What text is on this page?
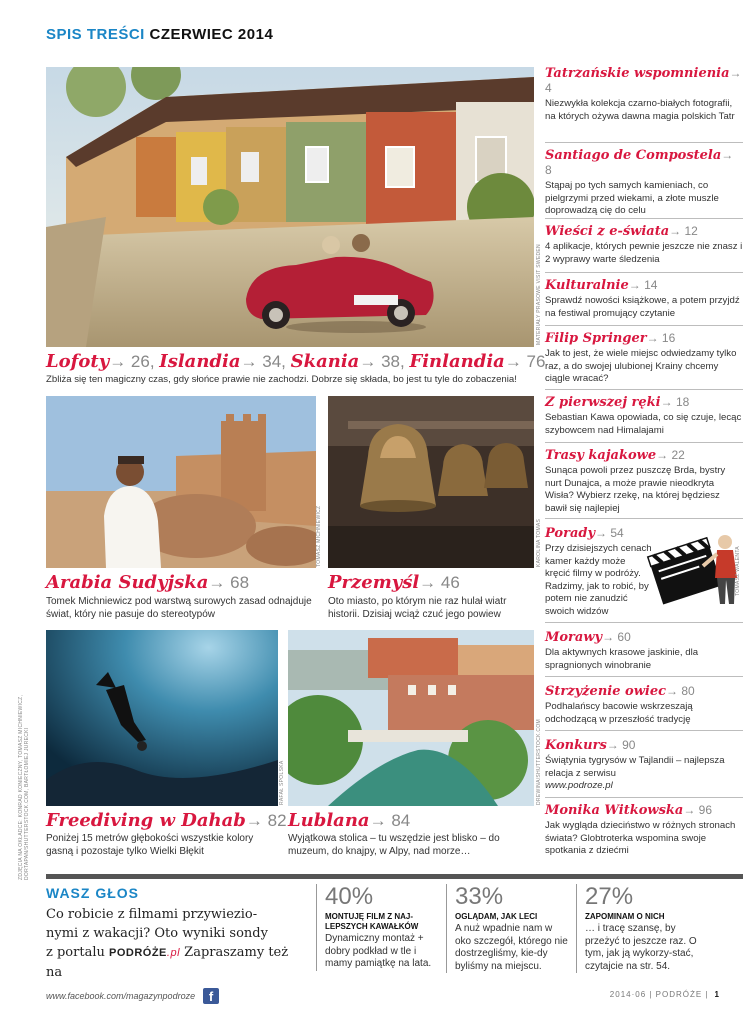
SPIS TREŚCI CZERWIEC 2014
MATERIAŁY PRASOWE VISIT SWEDEN
Lofoty→ 26, Islandia→ 34, Skania→ 38, Finlandia→ 76
Zbliża się ten magiczny czas, gdy słońce prawie nie zachodzi. Dobrze się składa, bo jest tu tyle do zobaczenia!
TOMASZ MICHNIEWICZ
Arabia Sudyjska→ 68
Tomek Michniewicz pod warstwą surowych zasad odnajduje świat, który nie pasuje do stereotypów
KAROLINA TOMAS
Przemyśl→ 46
Oto miasto, po którym nie raz hulał wiatr historii. Dzisiaj wciąż czuć jego powiew
ZDJĘCIA NA OKŁADCE: KONRAD KONIECZNY, TOMASZ MICHNIEWICZ, DORTAPAN/SHUTTERSTOCK.COM, BARTŁOMIEJ JURECKI	RAFAŁ SPOLSKA
Freediving w Dahab→ 82
Poniżej 15 metrów głębokości wszystkie kolory gasną i pozostaje tylko Wielki Błękit
DREWINA/SHUTTERSTOCK.COM
Lublana→ 84
Wyjątkowa stolica – tu wszędzie jest blisko – do muzeum, do knajpy, w Alpy, nad morze…
Tatrzańskie wspomnienia→ 4
Niezwykła kolekcja czarno-białych fotografii, na których ożywa dawna magia polskich Tatr
Santiago de Compostela→ 8
Stąpaj po tych samych kamieniach, co pielgrzymi przed wiekami, a złote muszle doprowadzą cię do celu
Wieści z e-świata→ 12
4 aplikacje, których pewnie jeszcze nie znasz i 2 wyprawy warte śledzenia
Kulturalnie→ 14
Sprawdź nowości książkowe, a potem przyjdź na festiwal promujący czytanie
Filip Springer→ 16
Jak to jest, że wiele miejsc odwiedzamy tylko raz, a do swojej ulubionej Krainy chcemy ciągle wracać?
Z pierwszej ręki→ 18
Sebastian Kawa opowiada, co się czuje, lecąc szybowcem nad Himalajami
Trasy kajakowe→ 22
Sunąca powoli przez puszczę Brda, bystry nurt Dunajca, a może prawie nieodkryta Wisła? Wybierz rzekę, na której będziesz bawił się najlepiej
Porady→ 54
Przy dzisiejszych cenach kamer każdy może kręcić filmy w podróży. Radzimy, jak to robić, by potem nie zanudzić swoich widzów
TOMASZ WALENTA
Morawy→ 60
Dla aktywnych krasowe jaskinie, dla spragnionych winobranie
Strzyżenie owiec→ 80
Podhalańscy bacowie wskrzeszają odchodzącą w przeszłość tradycję
Konkurs→ 90
Świątynia tygrysów w Tajlandii – najlepsza relacja z serwisu
www.podroze.pl
Monika Witkowska→ 96
Jak wygląda dzieciństwo w różnych stronach świata? Globtroterka wspomina swoje spotkania z dziećmi
WASZ GŁOS
Co robicie z filmami przywiezio-
nymi z wakacji? Oto wyniki sondy
z portalu PODRÓŻE.pl Zapraszamy też na
www.facebook.com/magazynpodroze	f
40%
MONTUJĘ FILM Z NAJ-LEPSZYCH KAWAŁKÓW
Dynamiczny montaż + dobry podkład w tle i mamy pamiątkę na lata.
33%
OGLĄDAM, JAK LECI
A nuż wpadnie nam w oko szczegół, którego nie dostrzegliśmy, kie-dy byliśmy na miejscu.
27%
ZAPOMINAM O NICH
… i tracę szansę, by przeżyć to jeszcze raz. O tym, jak ją wykorzy-stać, czytajcie na str. 54.
2014·06 | PODRÓŻE | 1
